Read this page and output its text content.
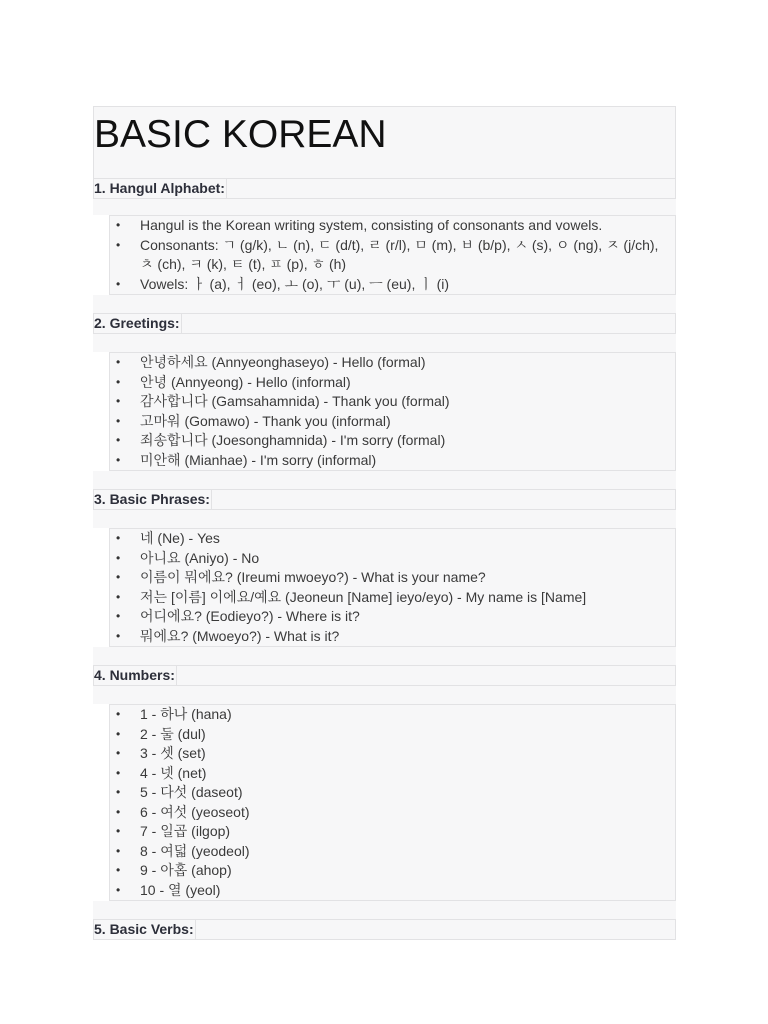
BASIC KOREAN
1. Hangul Alphabet:
• Hangul is the Korean writing system, consisting of consonants and vowels.
• Consonants: ㄱ (g/k), ㄴ (n), ㄷ (d/t), ㄹ (r/l), ㅁ (m), ㅂ (b/p), ㅅ (s), ㅇ (ng), ㅈ (j/ch), ㅊ (ch), ㅋ (k), ㅌ (t), ㅍ (p), ㅎ (h)
• Vowels: ㅏ (a), ㅓ (eo), ㅗ (o), ㅜ (u), ㅡ (eu), ㅣ (i)
2. Greetings:
• 안녕하세요 (Annyeonghaseyo) - Hello (formal)
• 안녕 (Annyeong) - Hello (informal)
• 감사합니다 (Gamsahamnida) - Thank you (formal)
• 고마워 (Gomawo) - Thank you (informal)
• 죄송합니다 (Joesonghamnida) - I'm sorry (formal)
• 미안해 (Mianhae) - I'm sorry (informal)
3. Basic Phrases:
• 네 (Ne) - Yes
• 아니요 (Aniyo) - No
• 이름이 뭐에요? (Ireumi mwoeyo?) - What is your name?
• 저는 [이름] 이에요/예요 (Jeoneun [Name] ieyo/eyo) - My name is [Name]
• 어디에요? (Eodieyo?) - Where is it?
• 뭐에요? (Mwoeyo?) - What is it?
4. Numbers:
• 1 - 하나 (hana)
• 2 - 둘 (dul)
• 3 - 셋 (set)
• 4 - 넷 (net)
• 5 - 다섯 (daseot)
• 6 - 여섯 (yeoseot)
• 7 - 일곱 (ilgop)
• 8 - 여덟 (yeodeol)
• 9 - 아홉 (ahop)
• 10 - 열 (yeol)
5. Basic Verbs:
